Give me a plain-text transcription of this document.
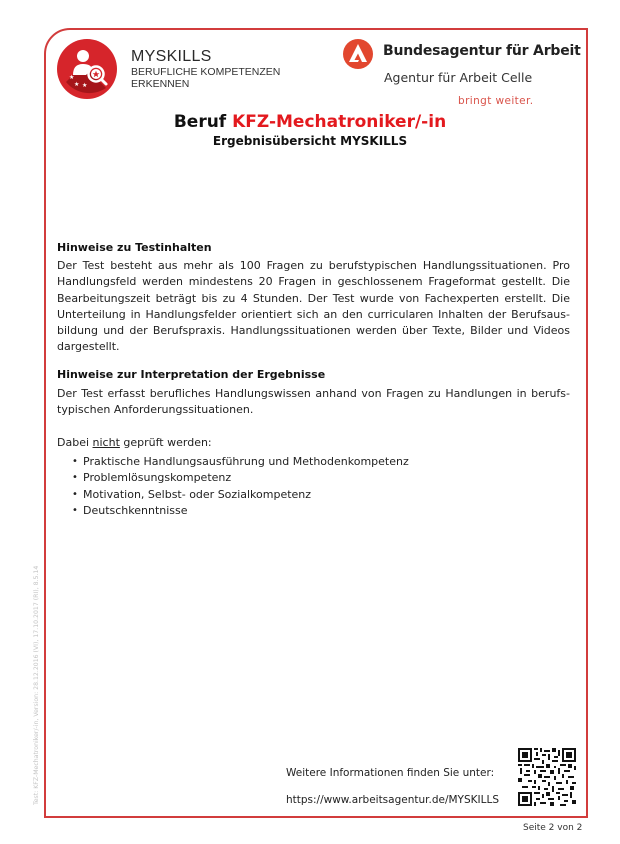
★
★ ★
MYSKILLS
BERUFLICHE KOMPETENZEN
ERKENNEN
Bundesagentur für Arbeit
Agentur für Arbeit Celle
bringt weiter.
Beruf KFZ-Mechatroniker/-in
Ergebnisübersicht MYSKILLS
Hinweise zu Testinhalten

Der Test besteht aus mehr als 100 Fragen zu berufstypischen Handlungssituationen. Pro Handlungsfeld werden mindestens 20 Fragen in geschlossenem Frageformat gestellt. Die Bearbeitungszeit beträgt bis zu 4 Stunden. Der Test wurde von Fachexperten erstellt. Die Unterteilung in Handlungsfelder orientiert sich an den curricularen Inhalten der Berufsausbildung und der Berufspraxis. Handlungssituationen werden über Texte, Bilder und Videos dargestellt.

Hinweise zur Interpretation der Ergebnisse

Der Test erfasst berufliches Handlungswissen anhand von Fragen zu Handlungen in berufstypischen Anforderungssituationen.

Dabei nicht geprüft werden:
• Praktische Handlungsausführung und Methodenkompetenz
• Problemlösungskompetenz
• Motivation, Selbst- oder Sozialkompetenz
• Deutschkenntnisse
Weitere Informationen finden Sie unter:
https://www.arbeitsagentur.de/MYSKILLS
Seite 2 von 2
Test: KFZ-Mechatroniker/-in, Version: 28.12.2016 (VI), 17.10.2017 (RI), 8.5.14
